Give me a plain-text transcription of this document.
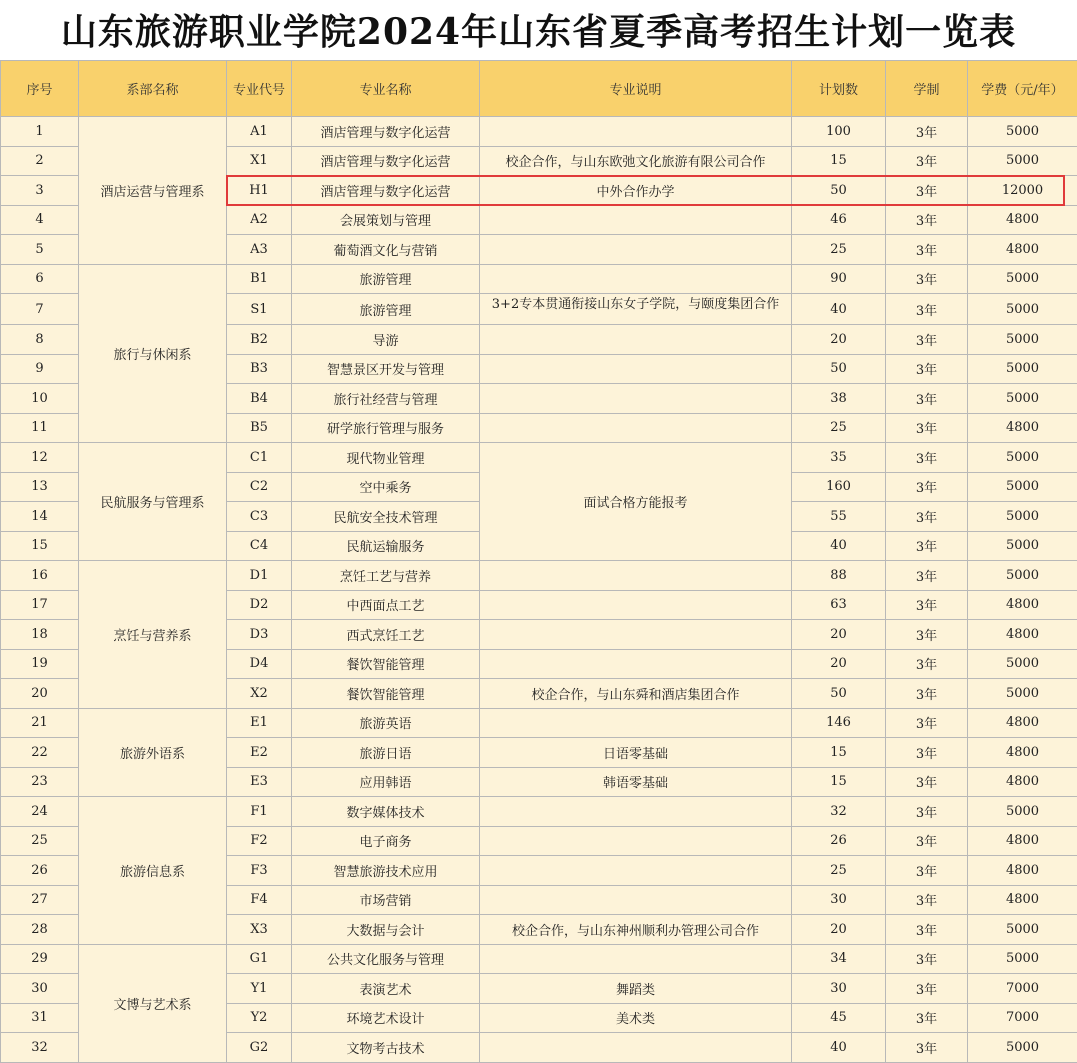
山东旅游职业学院2024年山东省夏季高考招生计划一览表
序号	系部名称	专业代号	专业名称	专业说明	计划数	学制	学费（元/年）
1	酒店运营与管理系	A1	酒店管理与数字化运营		100	3年	5000
2		X1	酒店管理与数字化运营	校企合作，与山东欧弛文化旅游有限公司合作	15	3年	5000
3		H1	酒店管理与数字化运营	中外合作办学	50	3年	12000
4		A2	会展策划与管理		46	3年	4800
5		A3	葡萄酒文化与营销		25	3年	4800
6	旅行与休闲系	B1	旅游管理		90	3年	5000
7		S1	旅游管理	3+2专本贯通衔接山东女子学院，与颐度集团合作	40	3年	5000
8		B2	导游		20	3年	5000
9		B3	智慧景区开发与管理		50	3年	5000
10		B4	旅行社经营与管理		38	3年	5000
11		B5	研学旅行管理与服务		25	3年	4800
12	民航服务与管理系	C1	现代物业管理	面试合格方能报考	35	3年	5000
13		C2	空中乘务		160	3年	5000
14		C3	民航安全技术管理		55	3年	5000
15		C4	民航运输服务		40	3年	5000
16	烹饪与营养系	D1	烹饪工艺与营养		88	3年	5000
17		D2	中西面点工艺		63	3年	4800
18		D3	西式烹饪工艺		20	3年	4800
19		D4	餐饮智能管理		20	3年	5000
20		X2	餐饮智能管理	校企合作，与山东舜和酒店集团合作	50	3年	5000
21	旅游外语系	E1	旅游英语		146	3年	4800
22		E2	旅游日语	日语零基础	15	3年	4800
23		E3	应用韩语	韩语零基础	15	3年	4800
24	旅游信息系	F1	数字媒体技术		32	3年	5000
25		F2	电子商务		26	3年	4800
26		F3	智慧旅游技术应用		25	3年	4800
27		F4	市场营销		30	3年	4800
28		X3	大数据与会计	校企合作，与山东神州顺利办管理公司合作	20	3年	5000
29	文博与艺术系	G1	公共文化服务与管理		34	3年	5000
30		Y1	表演艺术	舞蹈类	30	3年	7000
31		Y2	环境艺术设计	美术类	45	3年	7000
32		G2	文物考古技术		40	3年	5000
